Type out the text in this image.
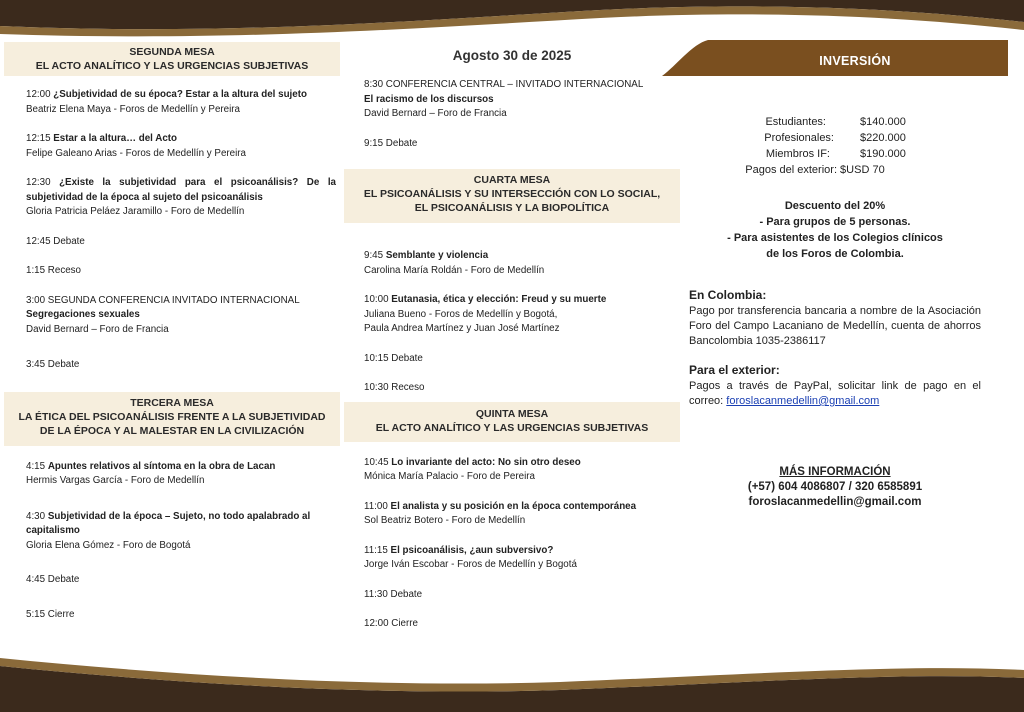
SEGUNDA MESA
EL ACTO ANALÍTICO Y LAS URGENCIAS SUBJETIVAS
12:00 ¿Subjetividad de su época? Estar a la altura del sujeto
Beatriz Elena Maya - Foros de Medellín y Pereira
12:15 Estar a la altura… del Acto
Felipe Galeano Arias - Foros de Medellín y Pereira
12:30 ¿Existe la subjetividad para el psicoanálisis? De la subjetividad de la época al sujeto del psicoanálisis
Gloria Patricia Peláez Jaramillo - Foro de Medellín
12:45 Debate
1:15 Receso
3:00 SEGUNDA CONFERENCIA INVITADO INTERNACIONAL
Segregaciones sexuales
David Bernard – Foro de Francia
3:45 Debate
TERCERA MESA
LA ÉTICA DEL PSICOANÁLISIS FRENTE A LA SUBJETIVIDAD
DE LA ÉPOCA Y AL MALESTAR EN LA CIVILIZACIÓN
4:15 Apuntes relativos al síntoma en la obra de Lacan
Hermis Vargas García - Foro de Medellín
4:30 Subjetividad de la época – Sujeto, no todo apalabrado al capitalismo
Gloria Elena Gómez - Foro de Bogotá
4:45 Debate
5:15 Cierre
Agosto 30 de 2025
8:30 CONFERENCIA CENTRAL – INVITADO INTERNACIONAL
El racismo de los discursos
David Bernard – Foro de Francia
9:15 Debate
CUARTA MESA
EL PSICOANÁLISIS Y SU INTERSECCIÓN CON LO SOCIAL,
EL PSICOANÁLISIS Y LA BIOPOLÍTICA
9:45 Semblante y violencia
Carolina María Roldán - Foro de Medellín
10:00 Eutanasia, ética y elección: Freud y su muerte
Juliana Bueno - Foros de Medellín y Bogotá,
Paula Andrea Martínez y Juan José Martínez
10:15 Debate
10:30 Receso
QUINTA MESA
EL ACTO ANALÍTICO Y LAS URGENCIAS SUBJETIVAS
10:45 Lo invariante del acto: No sin otro deseo
Mónica María Palacio - Foro de Pereira
11:00 El analista y su posición en la época contemporánea
Sol Beatriz Botero - Foro de Medellín
11:15 El psicoanálisis, ¿aun subversivo?
Jorge Iván Escobar - Foros de Medellín y Bogotá
11:30 Debate
12:00 Cierre
INVERSIÓN
Estudiantes:	$140.000
Profesionales:	$220.000
Miembros IF:	$190.000
Pagos del exterior: $USD 70
Descuento del 20%
- Para grupos de 5 personas.
- Para asistentes de los Colegios clínicos
de los Foros de Colombia.
En Colombia:
Pago por transferencia bancaria a nombre de la Asociación Foro del Campo Lacaniano de Medellín, cuenta de ahorros Bancolombia 1035-2386117
Para el exterior:
Pagos a través de PayPal, solicitar link de pago en el correo: foroslacanmedellin@gmail.com
MÁS INFORMACIÓN
(+57) 604 4086807 / 320 6585891
foroslacanmedellin@gmail.com
